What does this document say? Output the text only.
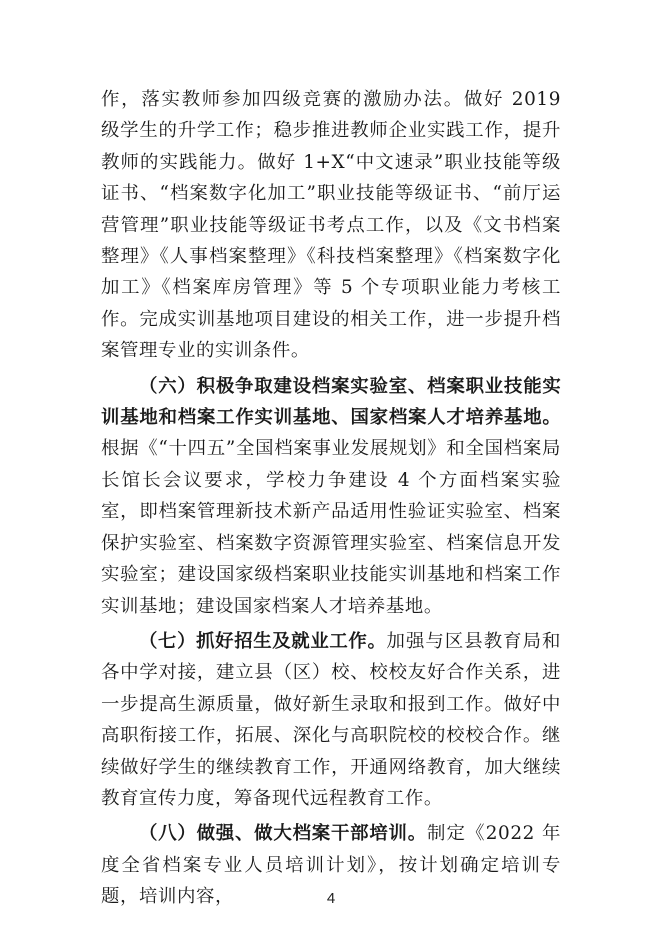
作，落实教师参加四级竞赛的激励办法。做好 2019 级学生的升学工作；稳步推进教师企业实践工作，提升教师的实践能力。做好 1+X“中文速录”职业技能等级证书、“档案数字化加工”职业技能等级证书、“前厅运营管理”职业技能等级证书考点工作，以及《文书档案整理》《人事档案整理》《科技档案整理》《档案数字化加工》《档案库房管理》等 5 个专项职业能力考核工作。完成实训基地项目建设的相关工作，进一步提升档案管理专业的实训条件。

（六）积极争取建设档案实验室、档案职业技能实训基地和档案工作实训基地、国家档案人才培养基地。根据《“十四五”全国档案事业发展规划》和全国档案局长馆长会议要求，学校力争建设 4 个方面档案实验室，即档案管理新技术新产品适用性验证实验室、档案保护实验室、档案数字资源管理实验室、档案信息开发实验室；建设国家级档案职业技能实训基地和档案工作实训基地；建设国家档案人才培养基地。

（七）抓好招生及就业工作。加强与区县教育局和各中学对接，建立县（区）校、校校友好合作关系，进一步提高生源质量，做好新生录取和报到工作。做好中高职衔接工作，拓展、深化与高职院校的校校合作。继续做好学生的继续教育工作，开通网络教育，加大继续教育宣传力度，筹备现代远程教育工作。

（八）做强、做大档案干部培训。制定《2022 年度全省档案专业人员培训计划》，按计划确定培训专题，培训内容，	4
